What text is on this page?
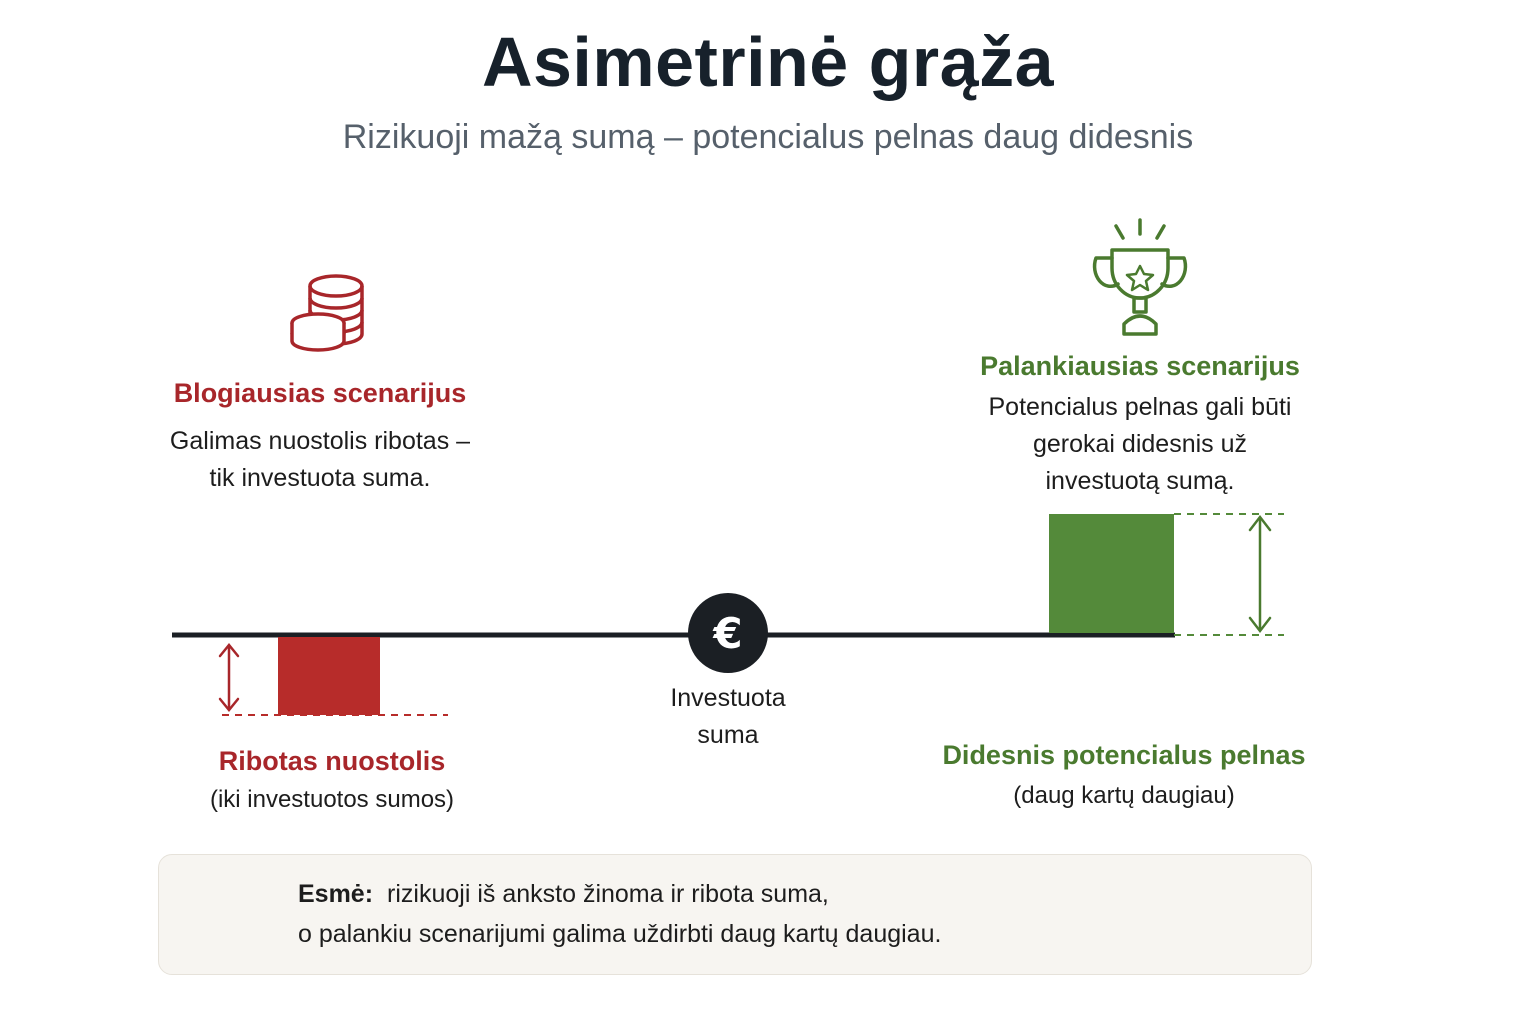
Asimetrinė grąža
Rizikuoji mažą sumą – potencialus pelnas daug didesnis
€
Blogiausias scenarijus
Galimas nuostolis ribotas –
tik investuota suma.
Ribotas nuostolis
(iki investuotos sumos)
Investuota
suma
Palankiausias scenarijus
Potencialus pelnas gali būti
gerokai didesnis už
investuotą sumą.
Didesnis potencialus pelnas
(daug kartų daugiau)
Esmė: rizikuoji iš anksto žinoma ir ribota suma,
o palankiu scenarijumi galima uždirbti daug kartų daugiau.
